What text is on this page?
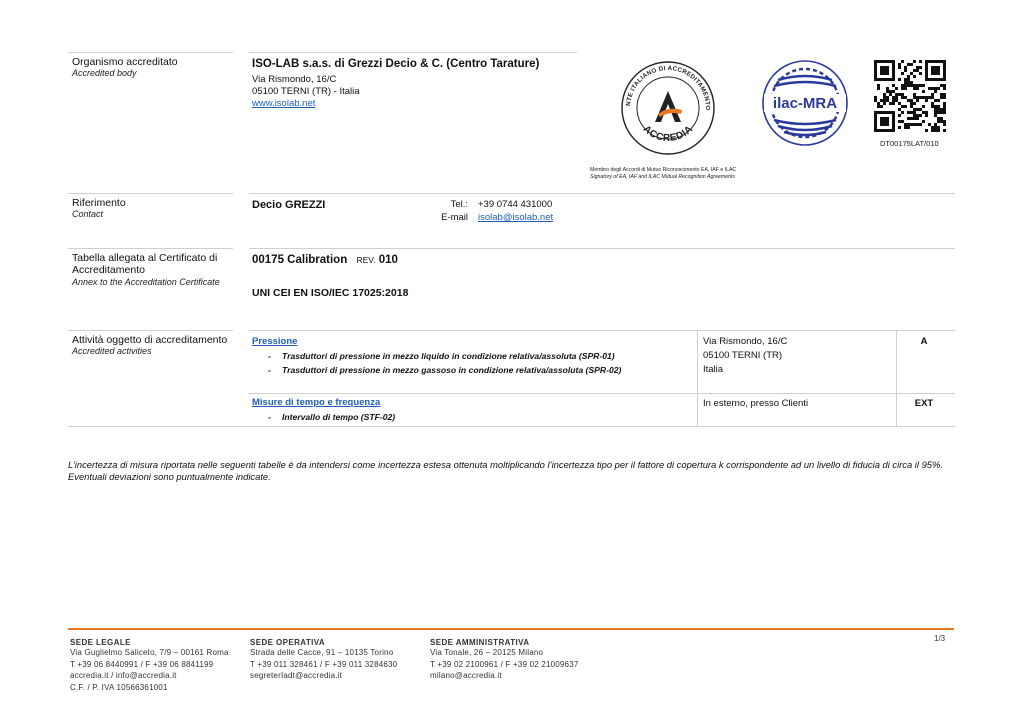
Organismo accreditato
Accredited body
ISO-LAB s.a.s. di Grezzi Decio & C. (Centro Tarature)
Via Rismondo, 16/C
05100 TERNI (TR) - Italia
www.isolab.net	NTE ITALIANO DI ACCREDITAMENTO
ACCREDIA
ilac-MRA
DT00175LAT/010
Membro degli Accordi di Mutuo Riconoscimento EA, IAF e ILAC
Signatory of EA, IAF and ILAC Mutual Recognition Agreements
Riferimento
Contact
Decio GREZZI	Tel.: +39 0744 431000
E-mail isolab@isolab.net
Tabella allegata al Certificato di
Accreditamento
Annex to the Accreditation Certificate
00175 Calibration REV. 010
UNI CEI EN ISO/IEC 17025:2018
Attività oggetto di accreditamento
Accredited activities
Pressione
- Trasduttori di pressione in mezzo liquido in condizione relativa/assoluta (SPR-01)
- Trasduttori di pressione in mezzo gassoso in condizione relativa/assoluta (SPR-02)
Via Rismondo, 16/C
05100 TERNI (TR)
Italia
A
Misure di tempo e frequenza
- Intervallo di tempo (STF-02)
In esterno, presso Clienti	EXT
L’incertezza di misura riportata nelle seguenti tabelle è da intendersi come incertezza estesa ottenuta moltiplicando l’incertezza tipo per il fattore di copertura k corrispondente ad un livello di fiducia di circa il 95%. Eventuali deviazioni sono puntualmente indicate.
1/3
SEDE LEGALE
Via Guglielmo Saliceto, 7/9 – 00161 Roma
T +39 06 8440991 / F +39 06 8841199
accredia.it / info@accredia.it
C.F. / P. IVA 10566361001
SEDE OPERATIVA
Strada delle Cacce, 91 – 10135 Torino
T +39 011 328461 / F +39 011 3284630
segreterIadt@accredia.it
SEDE AMMINISTRATIVA
Via Tonale, 26 – 20125 Milano
T +39 02 2100961 / F +39 02 21009637
milano@accredia.it
